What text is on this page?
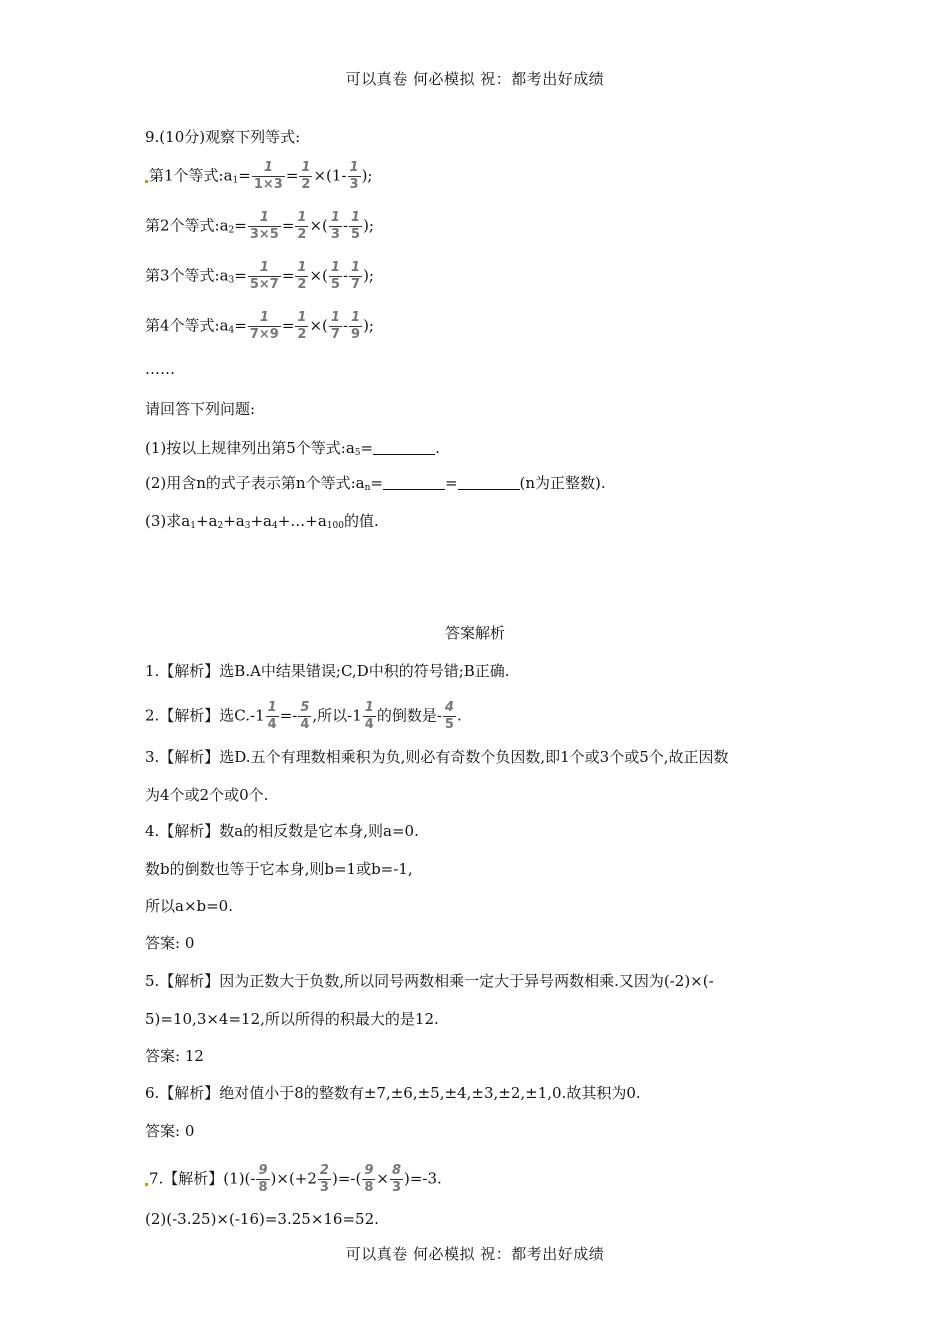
可以真卷 何必模拟 祝：都考出好成绩
9.(10分)观察下列等式:
第1个等式$:a_1= \frac{1}{1\times 3} = \frac{1}{2} \times(1- \frac{1}{3}$ );
第2个等式$:a_2= \frac{1}{3\times 5} = \frac{1}{2}$ ×( $\frac{1}{3} - \frac{1}{5}$ );
第3个等式$:a_3= \frac{1}{5\times 7} = \frac{1}{2}$ ×( $\frac{1}{5} - \frac{1}{7}$ );
第4个等式$:a_4= \frac{1}{7\times 9} = \frac{1}{2}$ ×( $\frac{1}{7} - \frac{1}{9}$ );
……
请回答下列问题:
(1)按以上规律列出第5个等式$:a_5=$	.
(2)用含n的式子表示第n个等式$:a_n=$	=	(n为正整数).
(3)求$a_1+a_2+a_3+a_4+\dots+a_{100}$的值.
答案解析
1.【解析】选B.A中结果错误;C,D中积的符号错;B正确.
2.【解析】选$C.-1 \frac{1}{4} =- \frac{5}{4}$ ,所以$-1 \frac{1}{4}$ 的倒数是- $\frac{4}{5}$ .
3.【解析】选D.五个有理数相乘积为负,则必有奇数个负因数,即1个或3个或5个,故正因数
为4个或2个或0个.
4.【解析】数a的相反数是它本身,则a=0.
数b的倒数也等于它本身,则b=1或b=-1,
所以a×b=0.
答案: 0
5.【解析】因为正数大于负数,所以同号两数相乘一定大于异号两数相乘.又因为(-2)×(-
5)=10,3×4=12,所以所得的积最大的是12.
答案: 12
6.【解析】绝对值小于8的整数有±7,±6,±5,±4,±3,±2,±1,0.故其积为0.
答案: 0
7.【解析】$(1)(- \frac{9}{8} )\times(+2 \frac{2}{3}$ )=-( $\frac{9}{8} \times \frac{8}{3} )=-3$.
(2)(-3.25)×(-16)=3.25×16=52.
可以真卷 何必模拟 祝：都考出好成绩
